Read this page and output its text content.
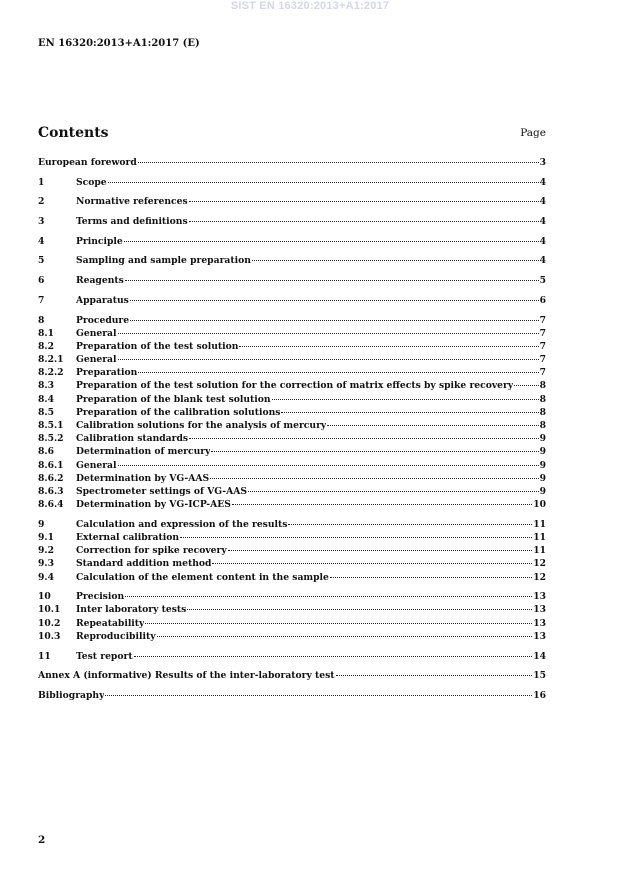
SIST EN 16320:2013+A1:2017
EN 16320:2013+A1:2017 (E)
Contents	Page
European foreword	3
1	Scope	4
2	Normative references	4
3	Terms and definitions	4
4	Principle	4
5	Sampling and sample preparation	4
6	Reagents	5
7	Apparatus	6
8	Procedure	7
8.1	General	7
8.2	Preparation of the test solution	7
8.2.1	General	7
8.2.2	Preparation	7
8.3	Preparation of the test solution for the correction of matrix effects by spike recovery	8
8.4	Preparation of the blank test solution	8
8.5	Preparation of the calibration solutions	8
8.5.1	Calibration solutions for the analysis of mercury	8
8.5.2	Calibration standards	9
8.6	Determination of mercury	9
8.6.1	General	9
8.6.2	Determination by VG-AAS	9
8.6.3	Spectrometer settings of VG-AAS	9
8.6.4	Determination by VG-ICP-AES	10
9	Calculation and expression of the results	11
9.1	External calibration	11
9.2	Correction for spike recovery	11
9.3	Standard addition method	12
9.4	Calculation of the element content in the sample	12
10	Precision	13
10.1	Inter laboratory tests	13
10.2	Repeatability	13
10.3	Reproducibility	13
11	Test report	14
Annex A (informative) Results of the inter-laboratory test	15
Bibliography	16
2
